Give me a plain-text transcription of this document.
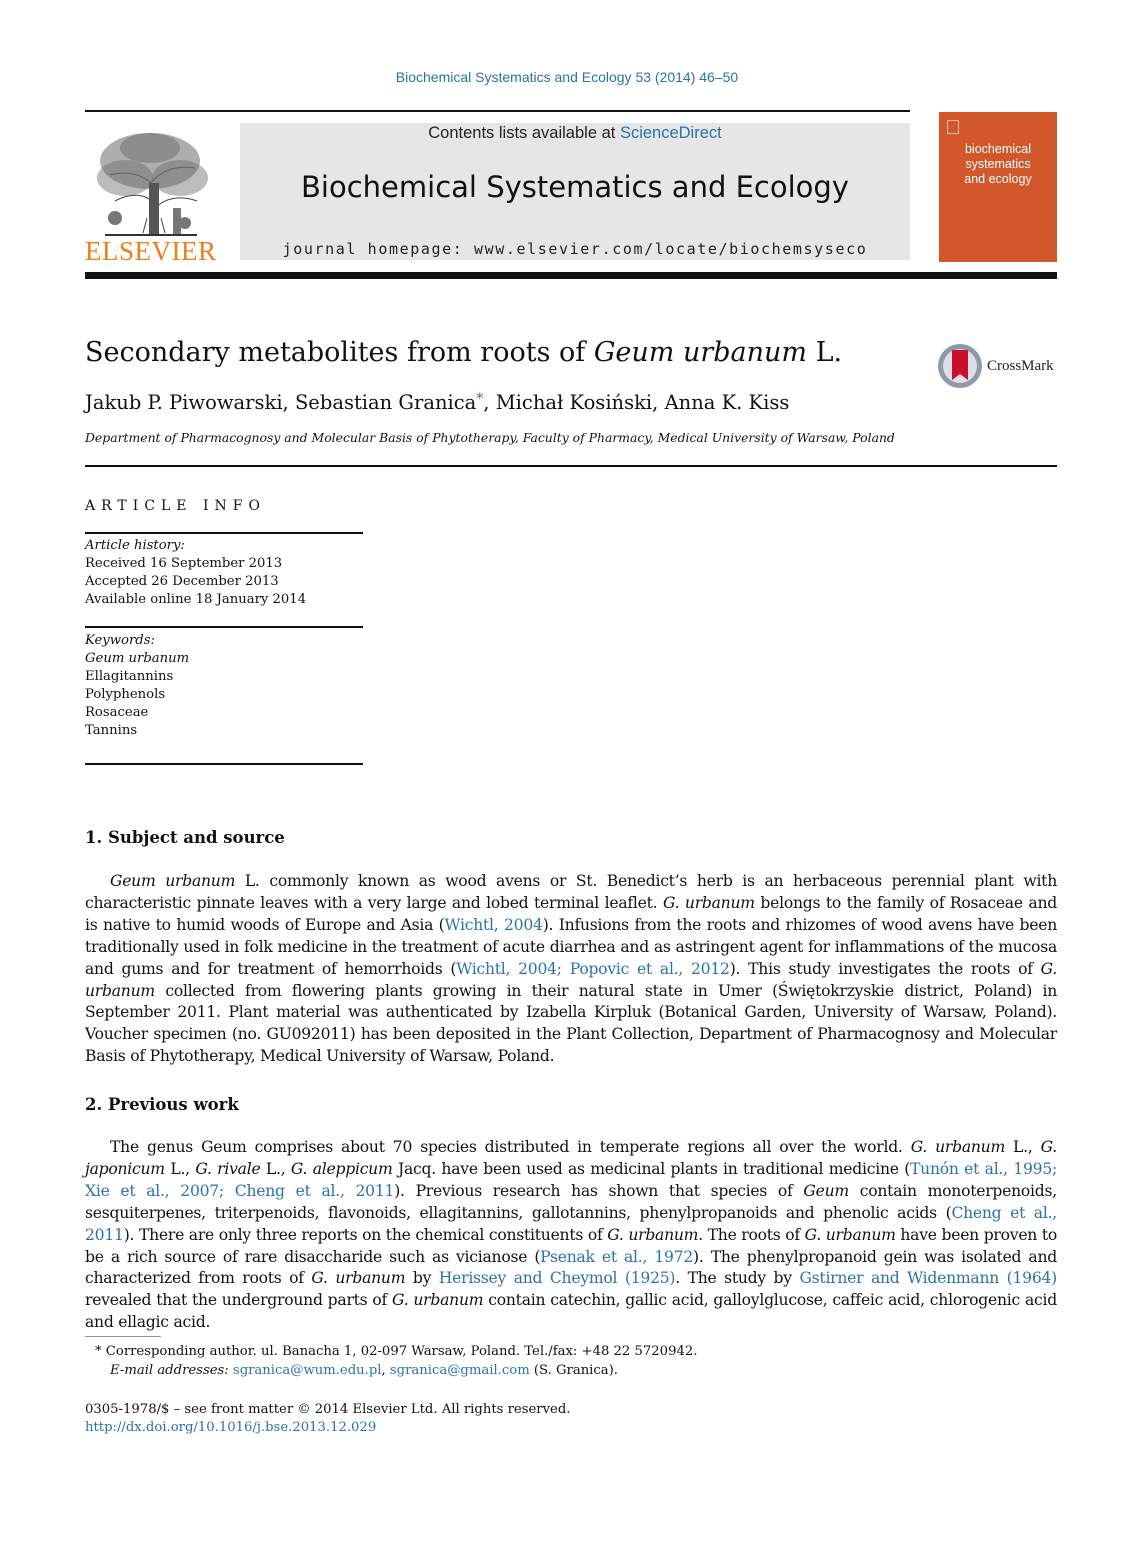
Biochemical Systematics and Ecology 53 (2014) 46–50
ELSEVIER
Contents lists available at ScienceDirect
Biochemical Systematics and Ecology
journal homepage: www.elsevier.com/locate/biochemsyseco
biochemical
systematics
and ecology
Secondary metabolites from roots of Geum urbanum L.	CrossMark
Jakub P. Piwowarski, Sebastian Granica*, Michał Kosiński, Anna K. Kiss
Department of Pharmacognosy and Molecular Basis of Phytotherapy, Faculty of Pharmacy, Medical University of Warsaw, Poland
ARTICLE INFO
Article history:
Received 16 September 2013
Accepted 26 December 2013
Available online 18 January 2014
Keywords:
Geum urbanum
Ellagitannins
Polyphenols
Rosaceae
Tannins
1. Subject and source

Geum urbanum L. commonly known as wood avens or St. Benedict’s herb is an herbaceous perennial plant with characteristic pinnate leaves with a very large and lobed terminal leaflet. G. urbanum belongs to the family of Rosaceae and is native to humid woods of Europe and Asia (Wichtl, 2004). Infusions from the roots and rhizomes of wood avens have been traditionally used in folk medicine in the treatment of acute diarrhea and as astringent agent for inflammations of the mucosa and gums and for treatment of hemorrhoids (Wichtl, 2004; Popovic et al., 2012). This study investigates the roots of G. urbanum collected from flowering plants growing in their natural state in Umer (Świętokrzyskie district, Poland) in September 2011. Plant material was authenticated by Izabella Kirpluk (Botanical Garden, University of Warsaw, Poland). Voucher specimen (no. GU092011) has been deposited in the Plant Collection, Department of Pharmacognosy and Molecular Basis of Phytotherapy, Medical University of Warsaw, Poland.

2. Previous work

The genus Geum comprises about 70 species distributed in temperate regions all over the world. G. urbanum L., G. japonicum L., G. rivale L., G. aleppicum Jacq. have been used as medicinal plants in traditional medicine (Tunón et al., 1995; Xie et al., 2007; Cheng et al., 2011). Previous research has shown that species of Geum contain monoterpenoids, sesquiterpenes, triterpenoids, flavonoids, ellagitannins, gallotannins, phenylpropanoids and phenolic acids (Cheng et al., 2011). There are only three reports on the chemical constituents of G. urbanum. The roots of G. urbanum have been proven to be a rich source of rare disaccharide such as vicianose (Psenak et al., 1972). The phenylpropanoid gein was isolated and characterized from roots of G. urbanum by Herissey and Cheymol (1925). The study by Gstirner and Widenmann (1964) revealed that the underground parts of G. urbanum contain catechin, gallic acid, galloylglucose, caffeic acid, chlorogenic acid and ellagic acid.

* Corresponding author. ul. Banacha 1, 02-097 Warsaw, Poland. Tel./fax: +48 22 5720942.
E-mail addresses: sgranica@wum.edu.pl, sgranica@gmail.com (S. Granica).
0305-1978/$ – see front matter © 2014 Elsevier Ltd. All rights reserved.
http://dx.doi.org/10.1016/j.bse.2013.12.029
